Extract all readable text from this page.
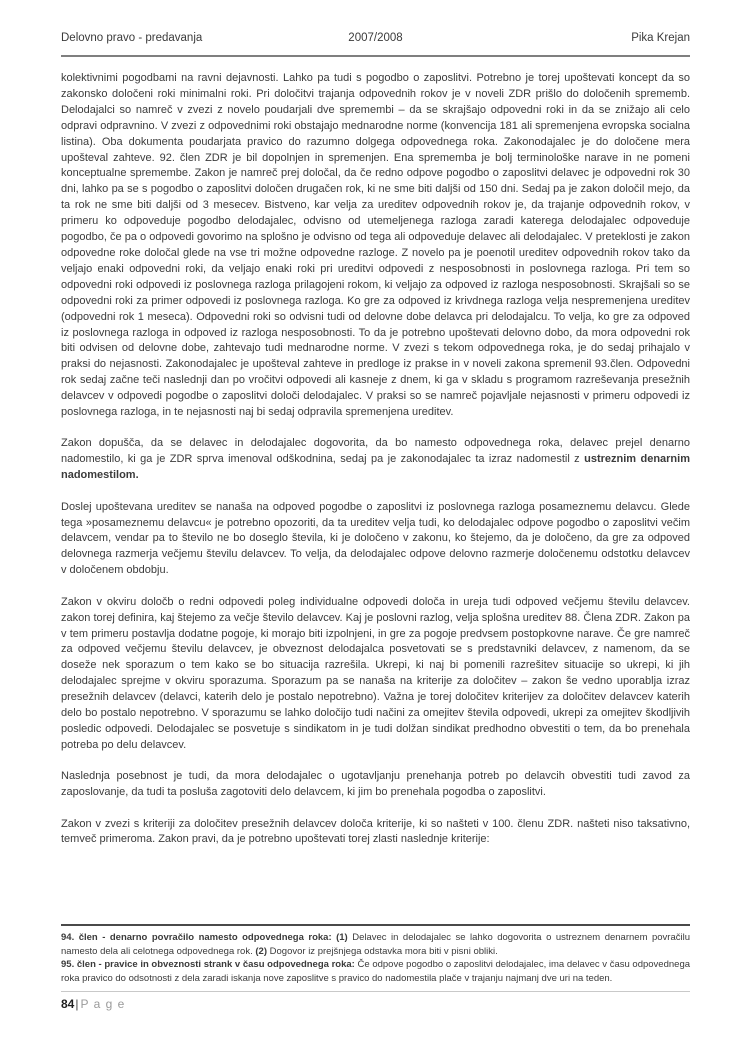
Delovno pravo - predavanja	2007/2008	Pika Krejan

kolektivnimi pogodbami na ravni dejavnosti. Lahko pa tudi s pogodbo o zaposlitvi. Potrebno je torej upoštevati koncept da so zakonsko določeni roki minimalni roki. Pri določitvi trajanja odpovednih rokov je v noveli ZDR prišlo do določenih sprememb. Delodajalci so namreč v zvezi z novelo poudarjali dve spremembi – da se skrajšajo odpovedni roki in da se znižajo ali celo odpravi odpravnino. V zvezi z odpovednimi roki obstajajo mednarodne norme (konvencija 181 ali spremenjena evropska socialna listina). Oba dokumenta poudarjata pravico do razumno dolgega odpovednega roka. Zakonodajalec je do določene mera upošteval zahteve. 92. člen ZDR je bil dopolnjen in spremenjen. Ena sprememba je bolj terminološke narave in ne pomeni konceptualne spremembe. Zakon je namreč prej določal, da če redno odpove pogodbo o zaposlitvi delavec je odpovedni rok 30 dni, lahko pa se s pogodbo o zaposlitvi določen drugačen rok, ki ne sme biti daljši od 150 dni. Sedaj pa je zakon določil mejo, da ta rok ne sme biti daljši od 3 mesecev. Bistveno, kar velja za ureditev odpovednih rokov je, da trajanje odpovednih rokov, v primeru ko odpoveduje pogodbo delodajalec, odvisno od utemeljenega razloga zaradi katerega delodajalec odpoveduje pogodbo, če pa o odpovedi govorimo na splošno je odvisno od tega ali odpoveduje delavec ali delodajalec. V preteklosti je zakon odpovedne roke določal glede na vse tri možne odpovedne razloge. Z novelo pa je poenotil ureditev odpovednih rokov tako da veljajo enaki odpovedni roki, da veljajo enaki roki pri ureditvi odpovedi z nesposobnosti in poslovnega razloga. Pri tem so odpovedni roki odpovedi iz poslovnega razloga prilagojeni rokom, ki veljajo za odpoved iz razloga nesposobnosti. Skrajšali so se odpovedni roki za primer odpovedi iz poslovnega razloga. Ko gre za odpoved iz krivdnega razloga velja nespremenjena ureditev (odpovedni rok 1 meseca). Odpovedni roki so odvisni tudi od delovne dobe delavca pri delodajalcu. To velja, ko gre za odpoved iz poslovnega razloga in odpoved iz razloga nesposobnosti. To da je potrebno upoštevati delovno dobo, da mora odpovedni rok biti odvisen od delovne dobe, zahtevajo tudi mednarodne norme. V zvezi s tekom odpovednega roka, je do sedaj prihajalo v praksi do nejasnosti. Zakonodajalec je upošteval zahteve in predloge iz prakse in v noveli zakona spremenil 93.člen. Odpovedni rok sedaj začne teči naslednji dan po vročitvi odpovedi ali kasneje z dnem, ki ga v skladu s programom razreševanja presežnih delavcev v odpovedi pogodbe o zaposlitvi določi delodajalec. V praksi so se namreč pojavljale nejasnosti v primeru odpovedi iz poslovnega razloga, in te nejasnosti naj bi sedaj odpravila spremenjena ureditev.

Zakon dopušča, da se delavec in delodajalec dogovorita, da bo namesto odpovednega roka, delavec prejel denarno nadomestilo, ki ga je ZDR sprva imenoval odškodnina, sedaj pa je zakonodajalec ta izraz nadomestil z ustreznim denarnim nadomestilom.

Doslej upoštevana ureditev se nanaša na odpoved pogodbe o zaposlitvi iz poslovnega razloga posameznemu delavcu. Glede tega »posameznemu delavcu« je potrebno opozoriti, da ta ureditev velja tudi, ko delodajalec odpove pogodbo o zaposlitvi večim delavcem, vendar pa to število ne bo doseglo števila, ki je določeno v zakonu, ko štejemo, da je določeno, da gre za odpoved delovnega razmerja večjemu številu delavcev. To velja, da delodajalec odpove delovno razmerje določenemu odstotku delavcev v določenem obdobju.

Zakon v okviru določb o redni odpovedi poleg individualne odpovedi določa in ureja tudi odpoved večjemu številu delavcev. zakon torej definira, kaj štejemo za večje število delavcev. Kaj je poslovni razlog, velja splošna ureditev 88. Člena ZDR. Zakon pa v tem primeru postavlja dodatne pogoje, ki morajo biti izpolnjeni, in gre za pogoje predvsem postopkovne narave. Če gre namreč za odpoved večjemu številu delavcev, je obveznost delodajalca posvetovati se s predstavniki delavcev, z namenom, da se doseže nek sporazum o tem kako se bo situacija razrešila. Ukrepi, ki naj bi pomenili razrešitev situacije so ukrepi, ki jih delodajalec sprejme v okviru sporazuma. Sporazum pa se nanaša na kriterije za določitev – zakon še vedno uporablja izraz presežnih delavcev (delavci, katerih delo je postalo nepotrebno). Važna je torej določitev kriterijev za določitev delavcev katerih delo bo postalo nepotrebno. V sporazumu se lahko določijo tudi načini za omejitev števila odpovedi, ukrepi za omejitev škodljivih posledic odpovedi. Delodajalec se posvetuje s sindikatom in je tudi dolžan sindikat predhodno obvestiti o tem, da bo prenehala potreba po delu delavcev.

Naslednja posebnost je tudi, da mora delodajalec o ugotavljanju prenehanja potreb po delavcih obvestiti tudi zavod za zaposlovanje, da tudi ta posluša zagotoviti delo delavcem, ki jim bo prenehala pogodba o zaposlitvi.

Zakon v zvezi s kriteriji za določitev presežnih delavcev določa kriterije, ki so našteti v 100. členu ZDR. našteti niso taksativno, temveč primeroma. Zakon pravi, da je potrebno upoštevati torej zlasti naslednje kriterije:

94. člen - denarno povračilo namesto odpovednega roka: (1) Delavec in delodajalec se lahko dogovorita o ustreznem denarnem povračilu namesto dela ali celotnega odpovednega rok. (2) Dogovor iz prejšnjega odstavka mora biti v pisni obliki.

95. člen - pravice in obveznosti strank v času odpovednega roka: Če odpove pogodbo o zaposlitvi delodajalec, ima delavec v času odpovednega roka pravico do odsotnosti z dela zaradi iskanja nove zaposlitve s pravico do nadomestila plače v trajanju najmanj dve uri na teden.

84| P a g e
